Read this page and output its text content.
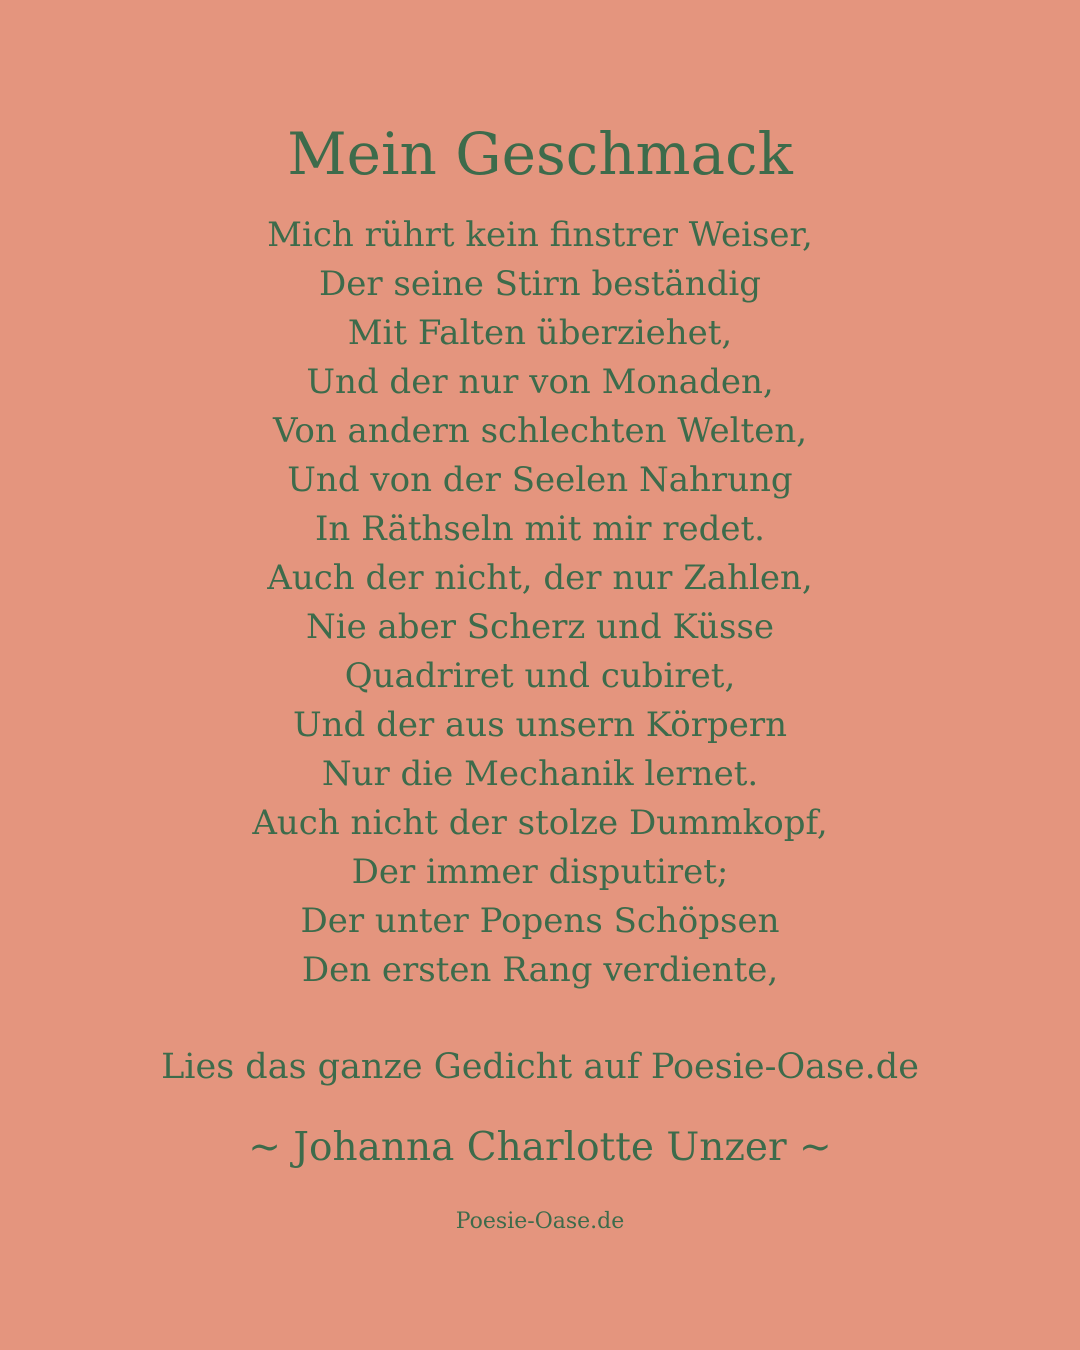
Mein Geschmack
Mich rührt kein finstrer Weiser,
Der seine Stirn beständig
Mit Falten überziehet,
Und der nur von Monaden,
Von andern schlechten Welten,
Und von der Seelen Nahrung
In Räthseln mit mir redet.
Auch der nicht, der nur Zahlen,
Nie aber Scherz und Küsse
Quadriret und cubiret,
Und der aus unsern Körpern
Nur die Mechanik lernet.
Auch nicht der stolze Dummkopf,
Der immer disputiret;
Der unter Popens Schöpsen
Den ersten Rang verdiente,
Lies das ganze Gedicht auf Poesie-Oase.de
~ Johanna Charlotte Unzer ~
Poesie-Oase.de
